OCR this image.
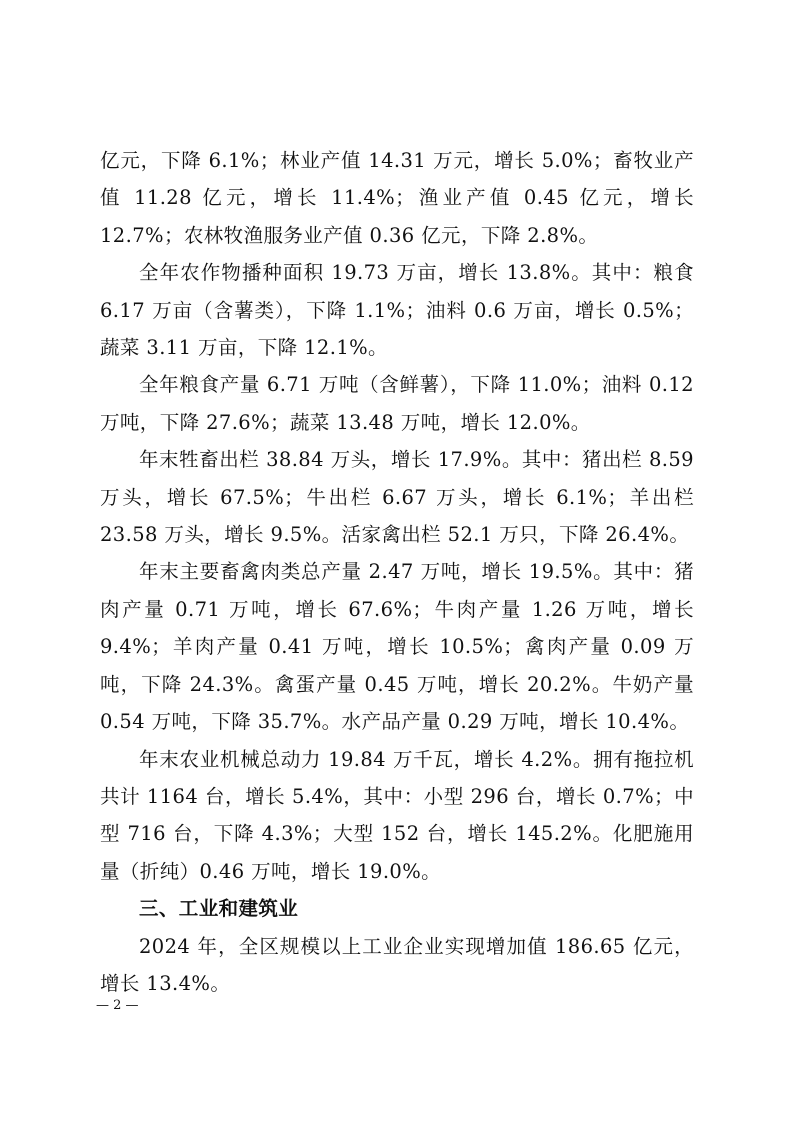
亿元，下降 6.1%；林业产值 14.31 万元，增长 5.0%；畜牧业产值 11.28 亿元，增长 11.4%；渔业产值 0.45 亿元，增长 12.7%；农林牧渔服务业产值 0.36 亿元，下降 2.8%。

全年农作物播种面积 19.73 万亩，增长 13.8%。其中：粮食 6.17 万亩（含薯类），下降 1.1%；油料 0.6 万亩，增长 0.5%；蔬菜 3.11 万亩，下降 12.1%。

全年粮食产量 6.71 万吨（含鲜薯），下降 11.0%；油料 0.12 万吨，下降 27.6%；蔬菜 13.48 万吨，增长 12.0%。

年末牲畜出栏 38.84 万头，增长 17.9%。其中：猪出栏 8.59 万头，增长 67.5%；牛出栏 6.67 万头，增长 6.1%；羊出栏 23.58 万头，增长 9.5%。活家禽出栏 52.1 万只，下降 26.4%。

年末主要畜禽肉类总产量 2.47 万吨，增长 19.5%。其中：猪肉产量 0.71 万吨，增长 67.6%；牛肉产量 1.26 万吨，增长 9.4%；羊肉产量 0.41 万吨，增长 10.5%；禽肉产量 0.09 万吨，下降 24.3%。禽蛋产量 0.45 万吨，增长 20.2%。牛奶产量 0.54 万吨，下降 35.7%。水产品产量 0.29 万吨，增长 10.4%。

年末农业机械总动力 19.84 万千瓦，增长 4.2%。拥有拖拉机共计 1164 台，增长 5.4%，其中：小型 296 台，增长 0.7%；中型 716 台，下降 4.3%；大型 152 台，增长 145.2%。化肥施用量（折纯）0.46 万吨，增长 19.0%。

三、工业和建筑业

2024 年，全区规模以上工业企业实现增加值 186.65 亿元，增长 13.4%。

— 2 —
